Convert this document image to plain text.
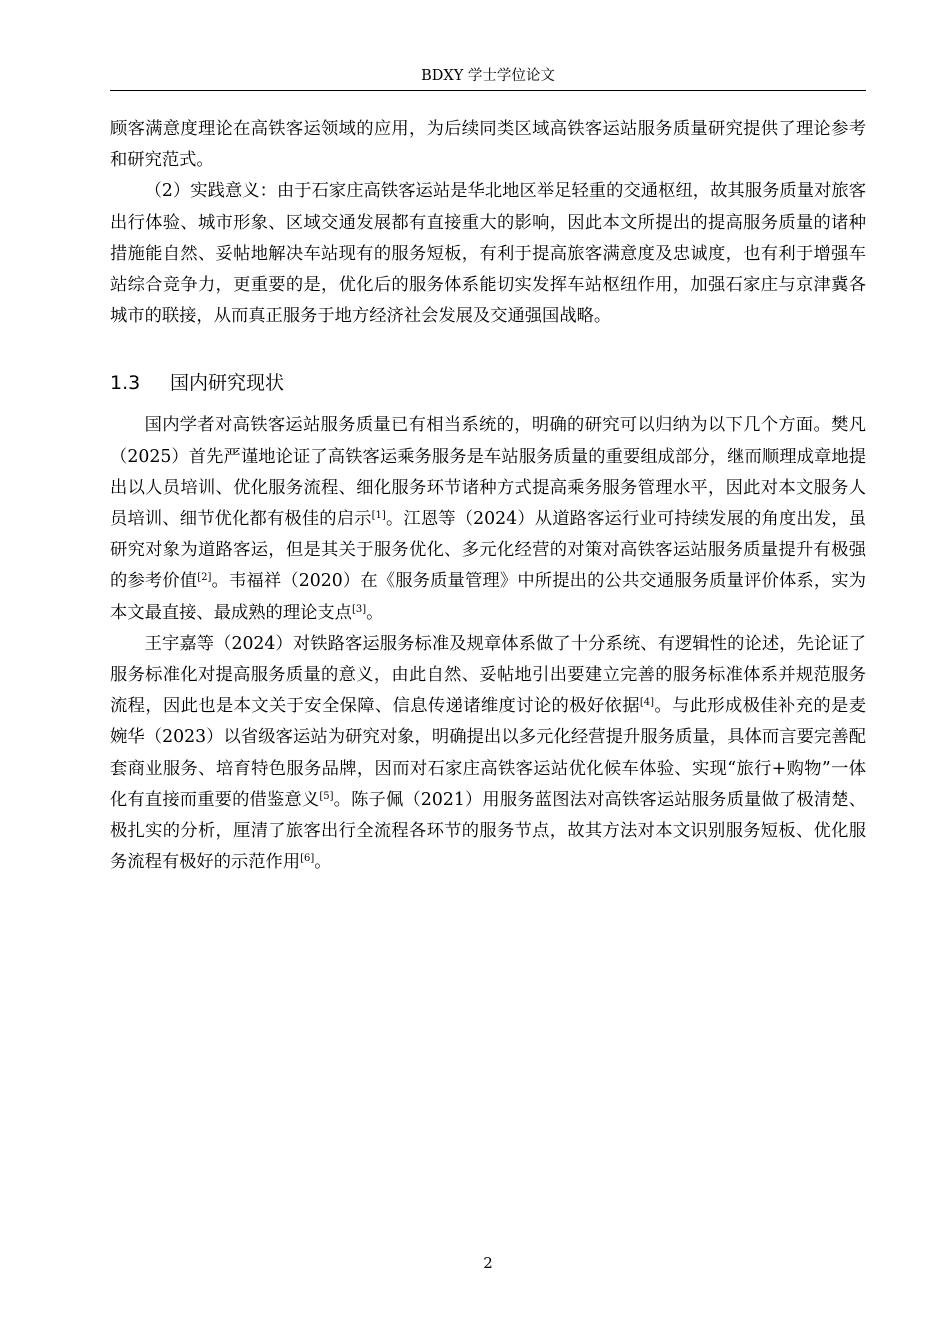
BDXY 学士学位论文

顾客满意度理论在高铁客运领域的应用，为后续同类区域高铁客运站服务质量研究提供了理论参考和研究范式。

（2）实践意义：由于石家庄高铁客运站是华北地区举足轻重的交通枢纽，故其服务质量对旅客出行体验、城市形象、区域交通发展都有直接重大的影响，因此本文所提出的提高服务质量的诸种措施能自然、妥帖地解决车站现有的服务短板，有利于提高旅客满意度及忠诚度，也有利于增强车站综合竞争力，更重要的是，优化后的服务体系能切实发挥车站枢纽作用，加强石家庄与京津冀各城市的联接，从而真正服务于地方经济社会发展及交通强国战略。

1.3 国内研究现状

国内学者对高铁客运站服务质量已有相当系统的，明确的研究可以归纳为以下几个方面。樊凡（2025）首先严谨地论证了高铁客运乘务服务是车站服务质量的重要组成部分，继而顺理成章地提出以人员培训、优化服务流程、细化服务环节诸种方式提高乘务服务管理水平，因此对本文服务人员培训、细节优化都有极佳的启示[1]。江恩等（2024）从道路客运行业可持续发展的角度出发，虽研究对象为道路客运，但是其关于服务优化、多元化经营的对策对高铁客运站服务质量提升有极强的参考价值[2]。韦福祥（2020）在《服务质量管理》中所提出的公共交通服务质量评价体系，实为本文最直接、最成熟的理论支点[3]。

王宇嘉等（2024）对铁路客运服务标准及规章体系做了十分系统、有逻辑性的论述，先论证了服务标准化对提高服务质量的意义，由此自然、妥帖地引出要建立完善的服务标准体系并规范服务流程，因此也是本文关于安全保障、信息传递诸维度讨论的极好依据[4]。与此形成极佳补充的是麦婉华（2023）以省级客运站为研究对象，明确提出以多元化经营提升服务质量，具体而言要完善配套商业服务、培育特色服务品牌，因而对石家庄高铁客运站优化候车体验、实现“旅行+购物”一体化有直接而重要的借鉴意义[5]。陈子佩（2021）用服务蓝图法对高铁客运站服务质量做了极清楚、极扎实的分析，厘清了旅客出行全流程各环节的服务节点，故其方法对本文识别服务短板、优化服务流程有极好的示范作用[6]。

2
